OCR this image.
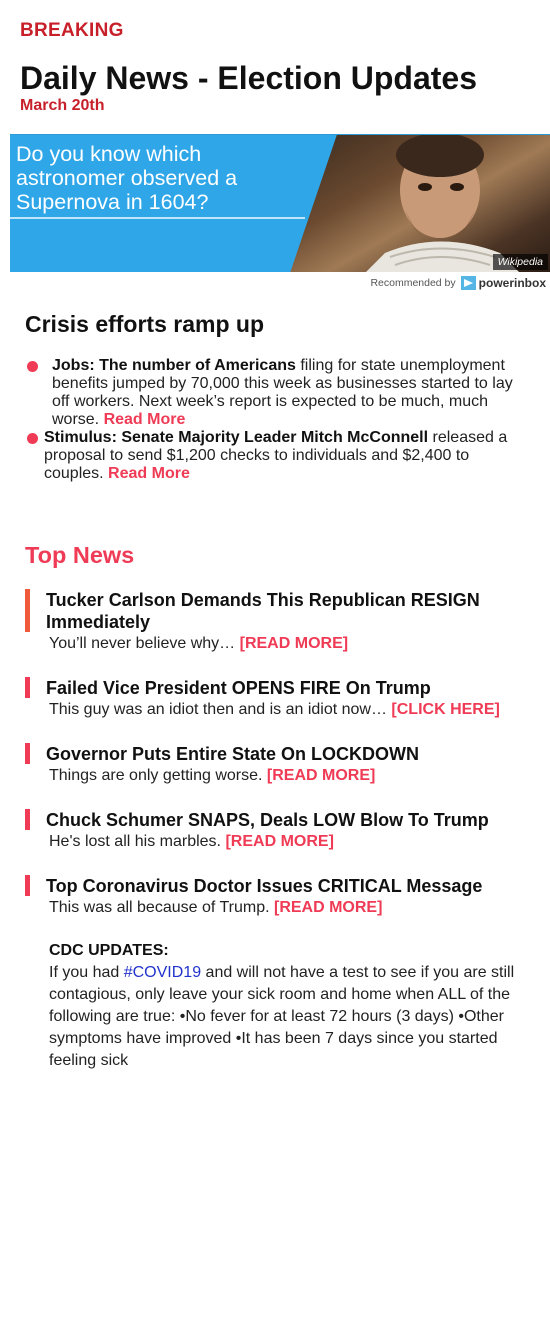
BREAKING
Daily News - Election Updates
March 20th
Do you know which astronomer observed a Supernova in 1604?
Wikipedia
Recommended by powerinbox
Crisis efforts ramp up
Jobs: The number of Americans filing for state unemployment benefits jumped by 70,000 this week as businesses started to lay off workers. Next week’s report is expected to be much, much worse. Read More
Stimulus: Senate Majority Leader Mitch McConnell released a proposal to send $1,200 checks to individuals and $2,400 to couples. Read More
Top News
Tucker Carlson Demands This Republican RESIGN Immediately
You’ll never believe why… [READ MORE]
Failed Vice President OPENS FIRE On Trump
This guy was an idiot then and is an idiot now… [CLICK HERE]
Governor Puts Entire State On LOCKDOWN
Things are only getting worse. [READ MORE]
Chuck Schumer SNAPS, Deals LOW Blow To Trump
He's lost all his marbles. [READ MORE]
Top Coronavirus Doctor Issues CRITICAL Message
This was all because of Trump. [READ MORE]
CDC UPDATES:
If you had #COVID19 and will not have a test to see if you are still contagious, only leave your sick room and home when ALL of the following are true: •No fever for at least 72 hours (3 days) •Other symptoms have improved •It has been 7 days since you started feeling sick
